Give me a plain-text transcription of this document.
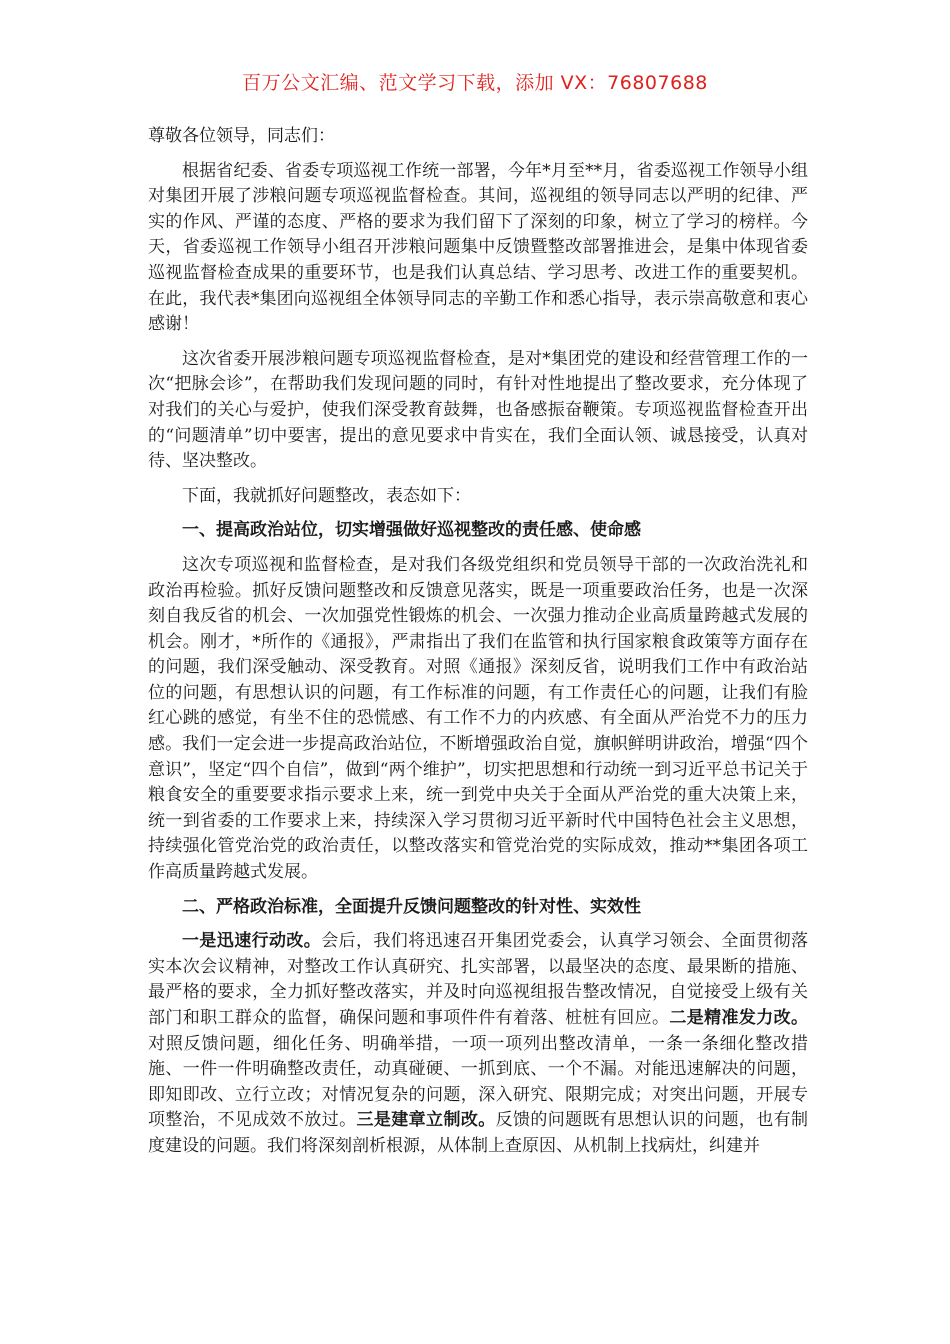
百万公文汇编、范文学习下载，添加 VX：76807688

尊敬各位领导，同志们：

根据省纪委、省委专项巡视工作统一部署，今年*月至**月，省委巡视工作领导小组对集团开展了涉粮问题专项巡视监督检查。其间，巡视组的领导同志以严明的纪律、严实的作风、严谨的态度、严格的要求为我们留下了深刻的印象，树立了学习的榜样。今天，省委巡视工作领导小组召开涉粮问题集中反馈暨整改部署推进会，是集中体现省委巡视监督检查成果的重要环节，也是我们认真总结、学习思考、改进工作的重要契机。在此，我代表*集团向巡视组全体领导同志的辛勤工作和悉心指导，表示崇高敬意和衷心感谢！

这次省委开展涉粮问题专项巡视监督检查，是对*集团党的建设和经营管理工作的一次“把脉会诊”，在帮助我们发现问题的同时，有针对性地提出了整改要求，充分体现了对我们的关心与爱护，使我们深受教育鼓舞，也备感振奋鞭策。专项巡视监督检查开出的“问题清单”切中要害，提出的意见要求中肯实在，我们全面认领、诚恳接受，认真对待、坚决整改。

下面，我就抓好问题整改，表态如下：

一、提高政治站位，切实增强做好巡视整改的责任感、使命感

这次专项巡视和监督检查，是对我们各级党组织和党员领导干部的一次政治洗礼和政治再检验。抓好反馈问题整改和反馈意见落实，既是一项重要政治任务，也是一次深刻自我反省的机会、一次加强党性锻炼的机会、一次强力推动企业高质量跨越式发展的机会。刚才，*所作的《通报》，严肃指出了我们在监管和执行国家粮食政策等方面存在的问题，我们深受触动、深受教育。对照《通报》深刻反省，说明我们工作中有政治站位的问题，有思想认识的问题，有工作标准的问题，有工作责任心的问题，让我们有脸红心跳的感觉，有坐不住的恐慌感、有工作不力的内疚感、有全面从严治党不力的压力感。我们一定会进一步提高政治站位，不断增强政治自觉，旗帜鲜明讲政治，增强“四个意识”，坚定“四个自信”，做到“两个维护”，切实把思想和行动统一到习近平总书记关于粮食安全的重要要求指示要求上来，统一到党中央关于全面从严治党的重大决策上来，统一到省委的工作要求上来，持续深入学习贯彻习近平新时代中国特色社会主义思想，持续强化管党治党的政治责任，以整改落实和管党治党的实际成效，推动**集团各项工作高质量跨越式发展。

二、严格政治标准，全面提升反馈问题整改的针对性、实效性

一是迅速行动改。会后，我们将迅速召开集团党委会，认真学习领会、全面贯彻落实本次会议精神，对整改工作认真研究、扎实部署，以最坚决的态度、最果断的措施、最严格的要求，全力抓好整改落实，并及时向巡视组报告整改情况，自觉接受上级有关部门和职工群众的监督，确保问题和事项件件有着落、桩桩有回应。二是精准发力改。对照反馈问题，细化任务、明确举措，一项一项列出整改清单，一条一条细化整改措施、一件一件明确整改责任，动真碰硬、一抓到底、一个不漏。对能迅速解决的问题，即知即改、立行立改；对情况复杂的问题，深入研究、限期完成；对突出问题，开展专项整治，不见成效不放过。三是建章立制改。反馈的问题既有思想认识的问题，也有制度建设的问题。我们将深刻剖析根源，从体制上查原因、从机制上找病灶，纠建并
